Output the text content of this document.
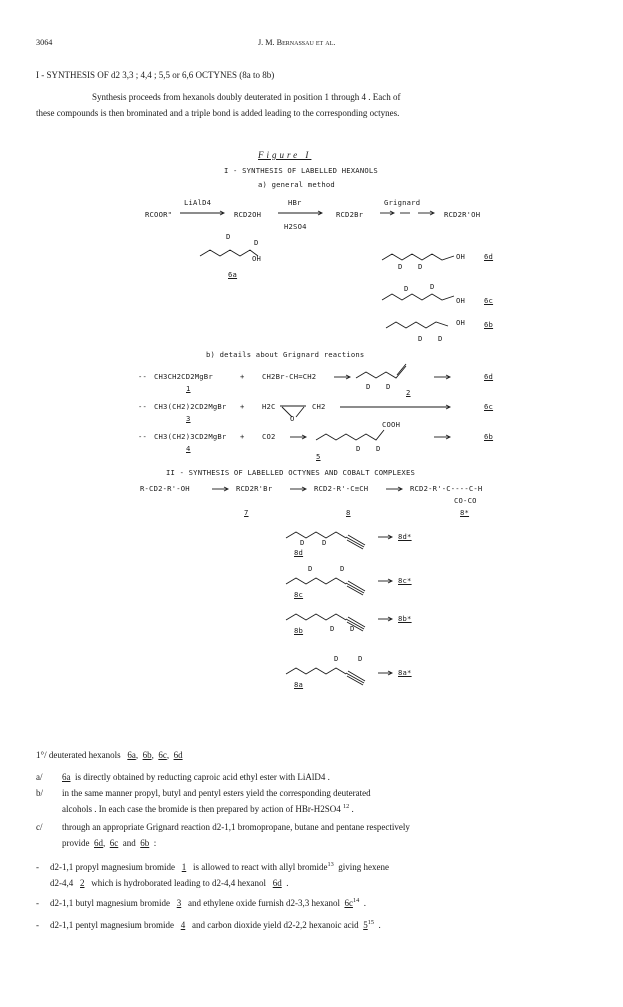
3064	J. M. Bernassau et al.
I - SYNTHESIS OF d2 3,3 ; 4,4 ; 5,5 or 6,6 OCTYNES (8a to 8b)
Synthesis proceeds from hexanols doubly deuterated in position 1 through 4 . Each of
these compounds is then brominated and a triple bond is added leading to the corresponding octynes.
Figure I
I - SYNTHESIS OF LABELLED HEXANOLS
a) general method
RCOOR"
LiAlD4
RCD2OH
HBr
H2SO4
RCD2Br
Grignard
RCD2R'OH
D
D
OH
6a
OH
D D
6d
D	D
OH	6c
OH
D D
6b
b) details about Grignard reactions
-- CH3CH2CD2MgBr	+ CH2Br-CH=CH2
D D
6d
1	2
-- CH3(CH2)2CD2MgBr + H2C
O
CH2	6c
3
-- CH3(CH2)3CD2MgBr + CO2
COOH
D D
6b
4
5
II - SYNTHESIS OF LABELLED OCTYNES AND COBALT COMPLEXES
R-CD2-R'-OH	RCD2R'Br	RCD2-R'-C≡CH	RCD2-R'-C----C-H
CO-CO
7	8	8*
D D
8d*
8d
D	D
8c*
8c
8b*
8b	D D
D	D
8a*
8a
1°/ deuterated hexanols 6a,  6b,  6c,  6d
a/ 6a is directly obtained by reducting caproic acid ethyl ester with LiAlD4 .
b/ in the same manner propyl, butyl and pentyl esters yield the corresponding deuterated
alcohols . In each case the bromide is then prepared by action of HBr-H2SO4 $^{12}$ .
c/ through an appropriate Grignard reaction d2-1,1 bromopropane, butane and pentane respectively
provide 6d,  6c and 6b :
- d2-1,1 propyl magnesium bromide 1 is allowed to react with allyl bromide$^{13}$ giving hexene
d2-4,4 2 which is hydroborated leading to d2-4,4 hexanol 6d .
- d2-1,1 butyl magnesium bromide 3 and ethylene oxide furnish d2-3,3 hexanol $6c^{14}$ .
- d2-1,1 pentyl magnesium bromide 4 and carbon dioxide yield d2-2,2 hexanoic acid $5^{15}$ .
